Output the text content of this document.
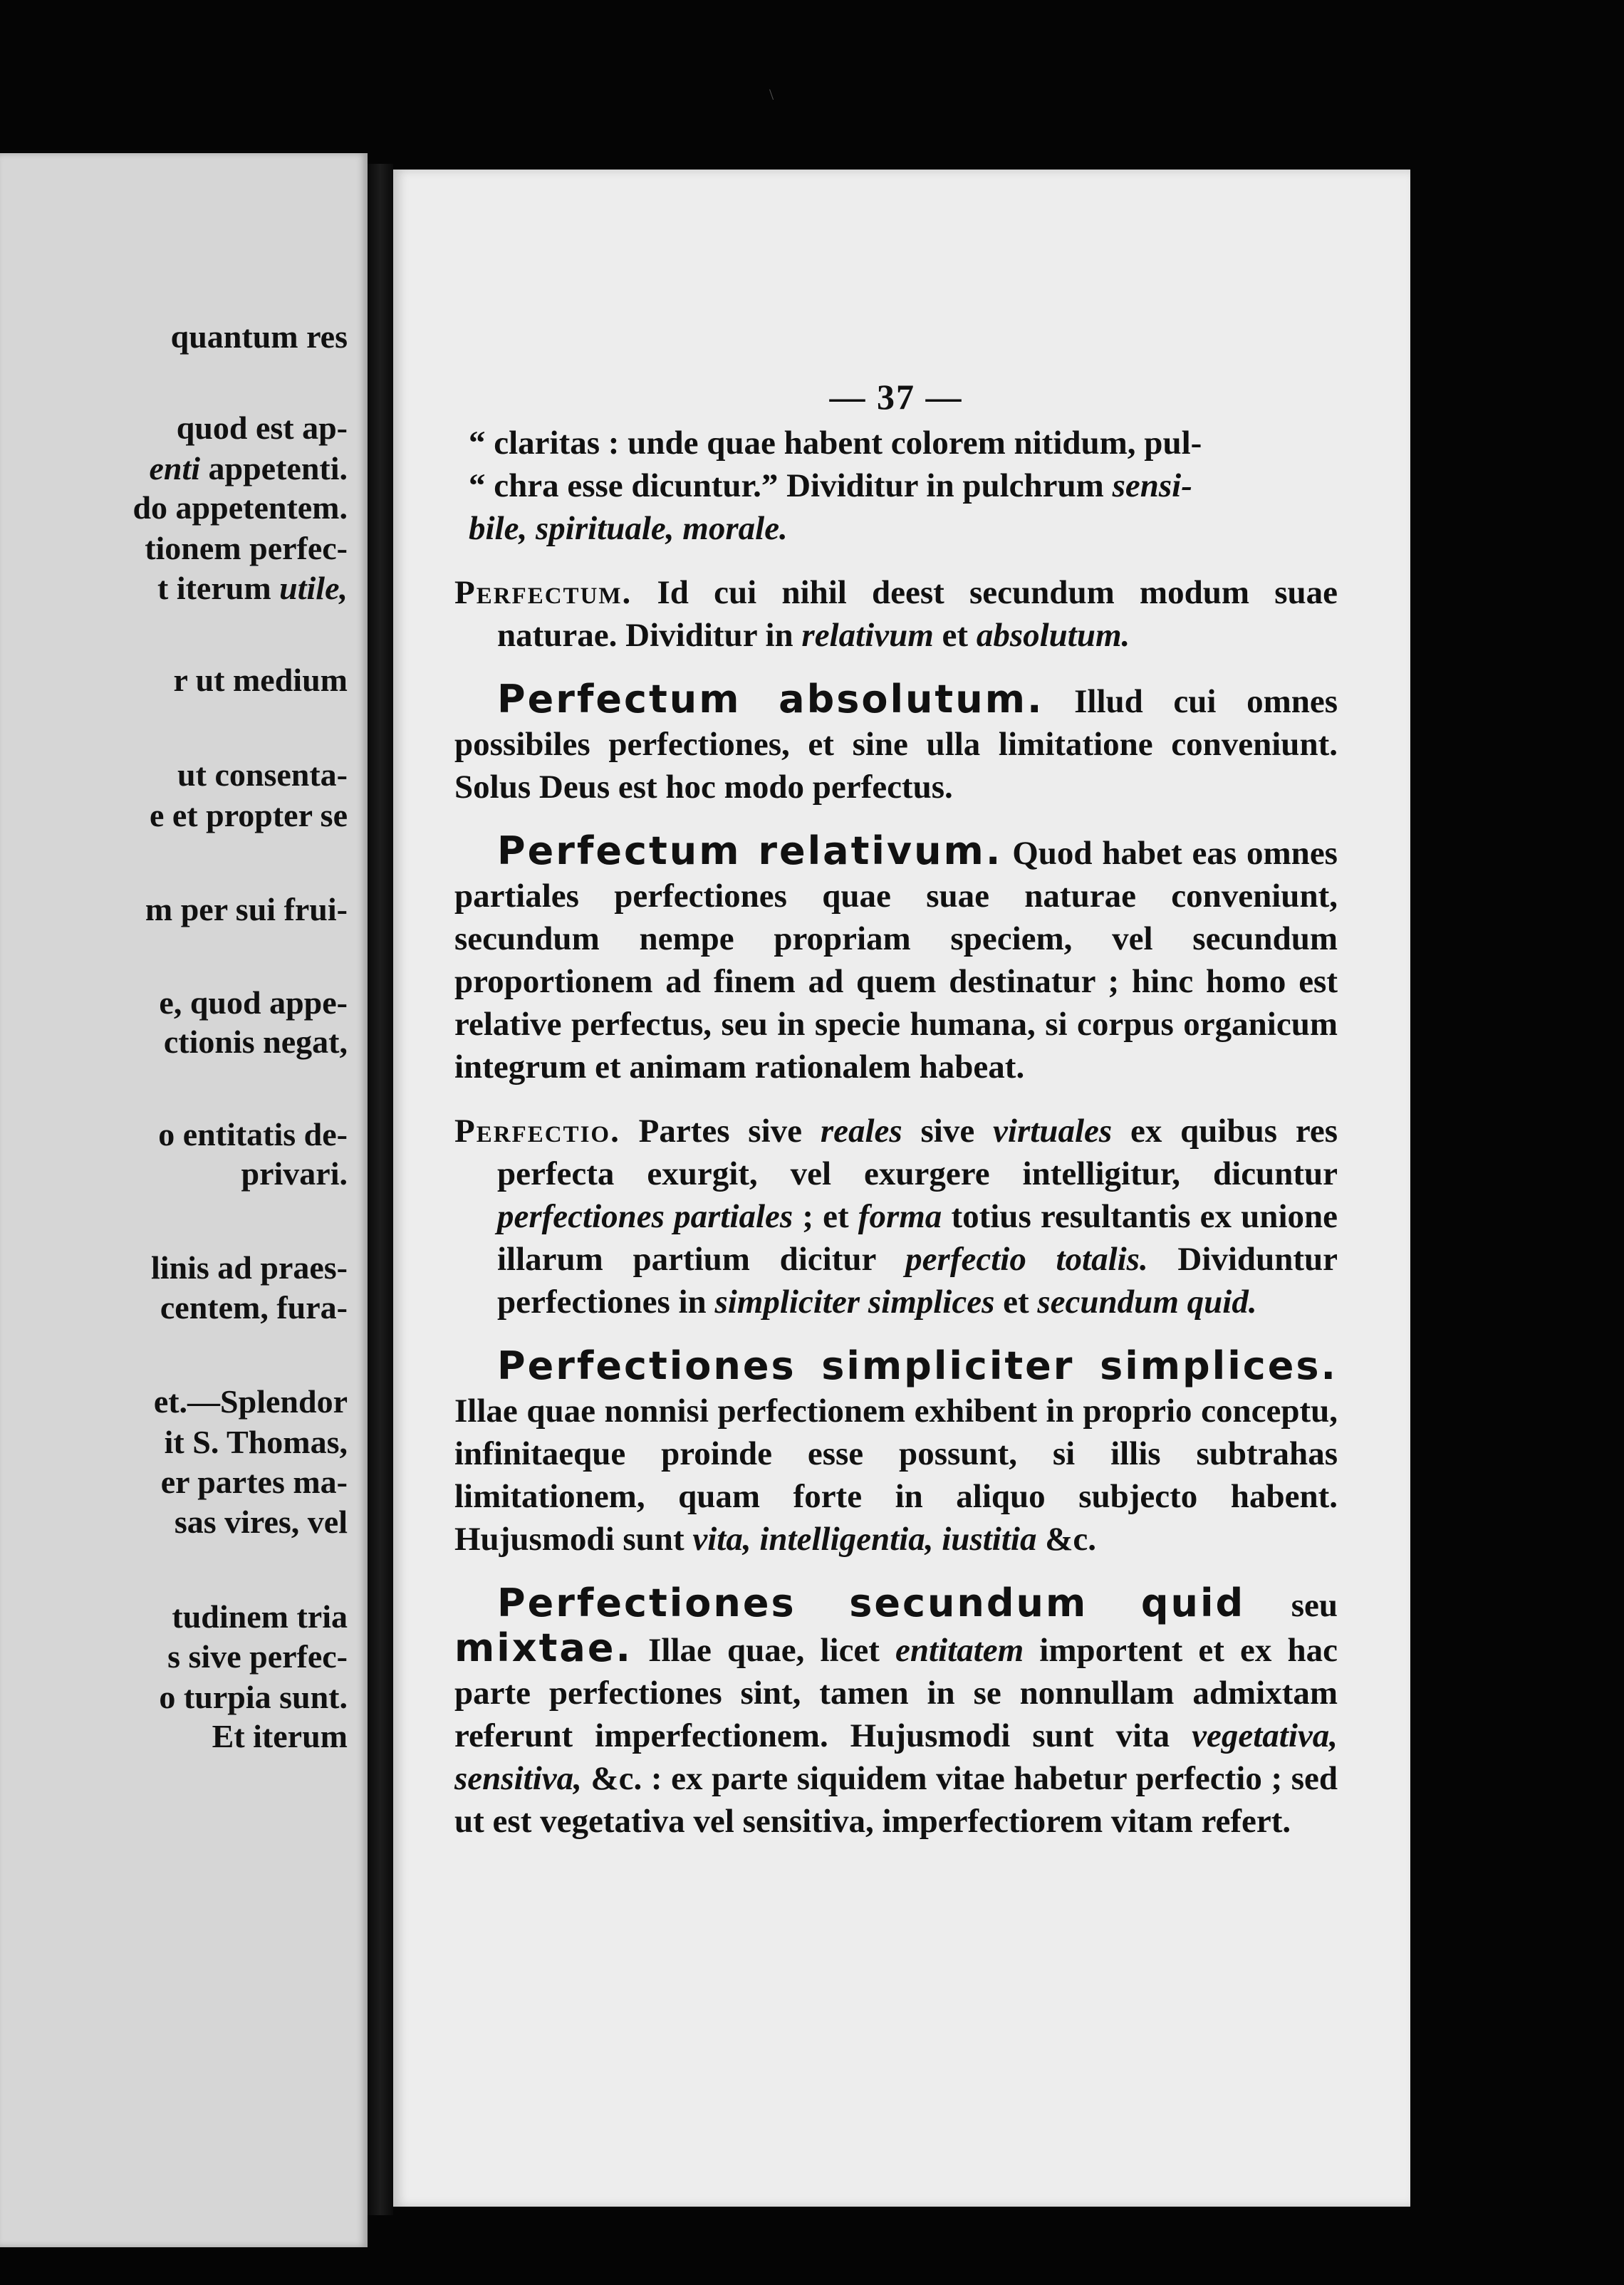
\
quantum res
quod est ap-
enti appetenti.
do appetentem.
tionem perfec-
t iterum utile,
r ut medium
ut consenta-
e et propter se
m per sui frui-
e, quod appe-
ctionis negat,
o entitatis de-
privari.
linis ad praes-
centem, fura-
et.—Splendor
it S. Thomas,
er partes ma-
sas vires, vel
tudinem tria
s sive perfec-
o turpia sunt.
Et iterum
— 37 —

“ claritas : unde quae habent colorem nitidum, pul-
“ chra esse dicuntur.” Dividitur in pulchrum sensi-
bile, spirituale, morale.

Perfectum. Id cui nihil deest secundum modum suae naturae. Dividitur in relativum et absolutum.

Perfectum absolutum. Illud cui omnes possibiles perfectiones, et sine ulla limitatione conveniunt. Solus Deus est hoc modo perfectus.

Perfectum relativum. Quod habet eas omnes partiales perfectiones quae suae naturae conveniunt, secundum nempe propriam speciem, vel secundum proportionem ad finem ad quem destinatur ; hinc homo est relative perfectus, seu in specie humana, si corpus organicum integrum et animam rationalem habeat.

Perfectio. Partes sive reales sive virtuales ex quibus res perfecta exurgit, vel exurgere intelligitur, dicuntur perfectiones partiales ; et forma totius resultantis ex unione illarum partium dicitur perfectio totalis. Dividuntur perfectiones in simpliciter simplices et secundum quid.

Perfectiones simpliciter simplices. Illae quae nonnisi perfectionem exhibent in proprio conceptu, infinitaeque proinde esse possunt, si illis subtrahas limitationem, quam forte in aliquo subjecto habent. Hujusmodi sunt vita, intelligentia, iustitia &c.

Perfectiones secundum quid seu mixtae. Illae quae, licet entitatem importent et ex hac parte perfectiones sint, tamen in se nonnullam admixtam referunt imperfectionem. Hujusmodi sunt vita vegetativa, sensitiva, &c. : ex parte siquidem vitae habetur perfectio ; sed ut est vegetativa vel sensitiva, imperfectiorem vitam refert.
